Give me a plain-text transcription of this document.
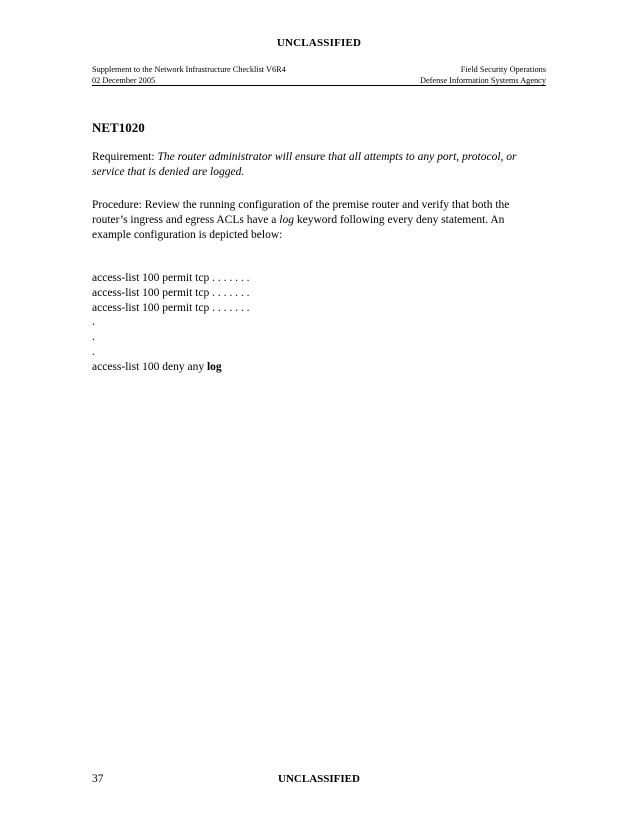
UNCLASSIFIED
Supplement to the Network Infrastructure Checklist V6R4	Field Security Operations
02 December 2005	Defense Information Systems Agency
NET1020

Requirement: The router administrator will ensure that all attempts to any port, protocol, or service that is denied are logged.

Procedure: Review the running configuration of the premise router and verify that both the router’s ingress and egress ACLs have a log keyword following every deny statement. An example configuration is depicted below:

access-list 100 permit tcp . . . . . . .
access-list 100 permit tcp . . . . . . .
access-list 100 permit tcp . . . . . . .
.
.
.
access-list 100 deny any log
37	UNCLASSIFIED
